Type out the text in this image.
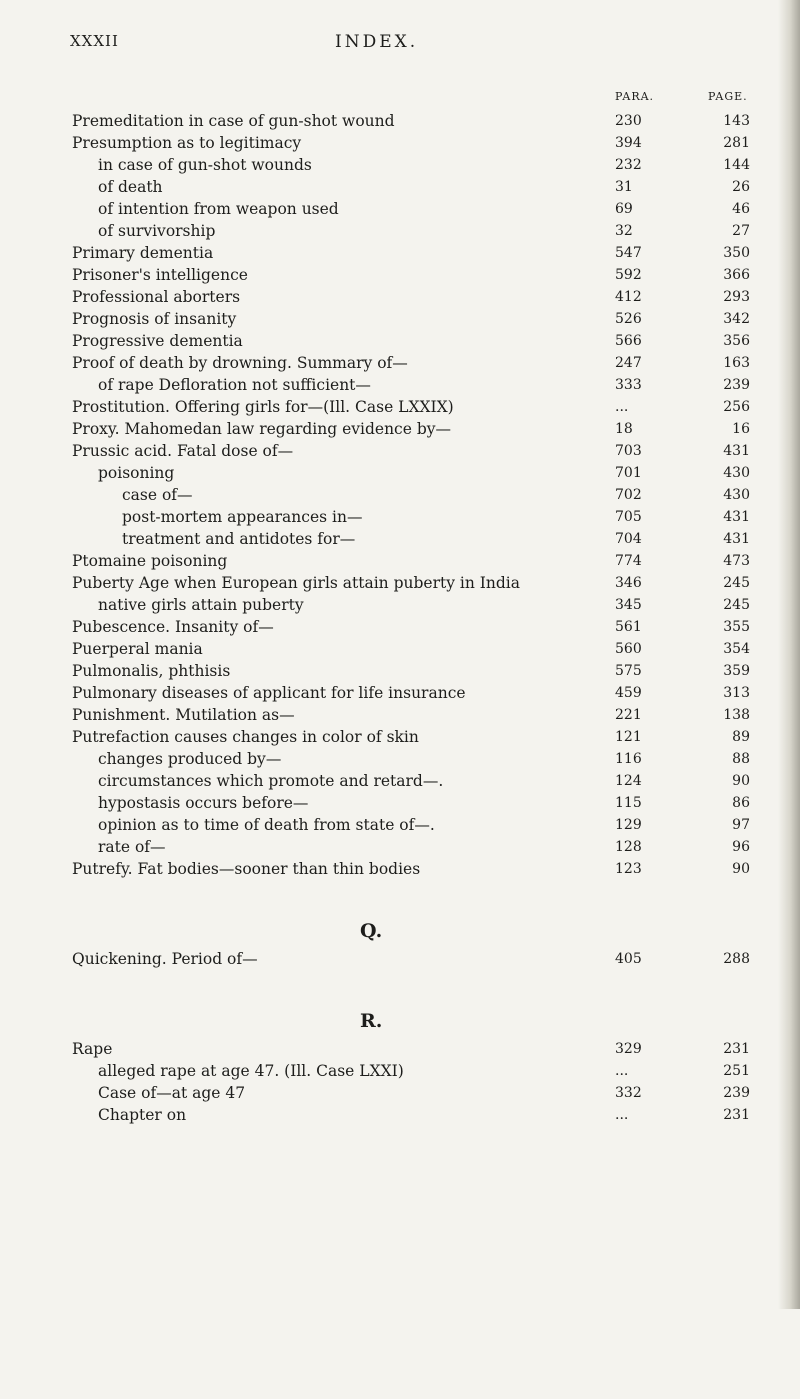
XXXII	INDEX.
PARA.	PAGE.
Premeditation in case of gun-shot wound	230	143
Presumption as to legitimacy	394	281
in case of gun-shot wounds	232	144
of death	31	26
of intention from weapon used	69	46
of survivorship	32	27
Primary dementia	547	350
Prisoner's intelligence	592	366
Professional aborters	412	293
Prognosis of insanity	526	342
Progressive dementia	566	356
Proof of death by drowning. Summary of—	247	163
of rape Defloration not sufficient—	333	239
Prostitution. Offering girls for—(Ill. Case LXXIX)	...	256
Proxy. Mahomedan law regarding evidence by—	18	16
Prussic acid. Fatal dose of—	703	431
poisoning	701	430
case of—	702	430
post-mortem appearances in—	705	431
treatment and antidotes for—	704	431
Ptomaine poisoning	774	473
Puberty Age when European girls attain puberty in India	346	245
native girls attain puberty	345	245
Pubescence. Insanity of—	561	355
Puerperal mania	560	354
Pulmonalis, phthisis	575	359
Pulmonary diseases of applicant for life insurance	459	313
Punishment. Mutilation as—	221	138
Putrefaction causes changes in color of skin	121	89
changes produced by—	116	88
circumstances which promote and retard—.	124	90
hypostasis occurs before—	115	86
opinion as to time of death from state of—.	129	97
rate of—	128	96
Putrefy. Fat bodies—sooner than thin bodies	123	90
Q.
Quickening. Period of—	405	288
R.
Rape	329	231
alleged rape at age 47. (Ill. Case LXXI)	...	251
Case of—at age 47	332	239
Chapter on	...	231
